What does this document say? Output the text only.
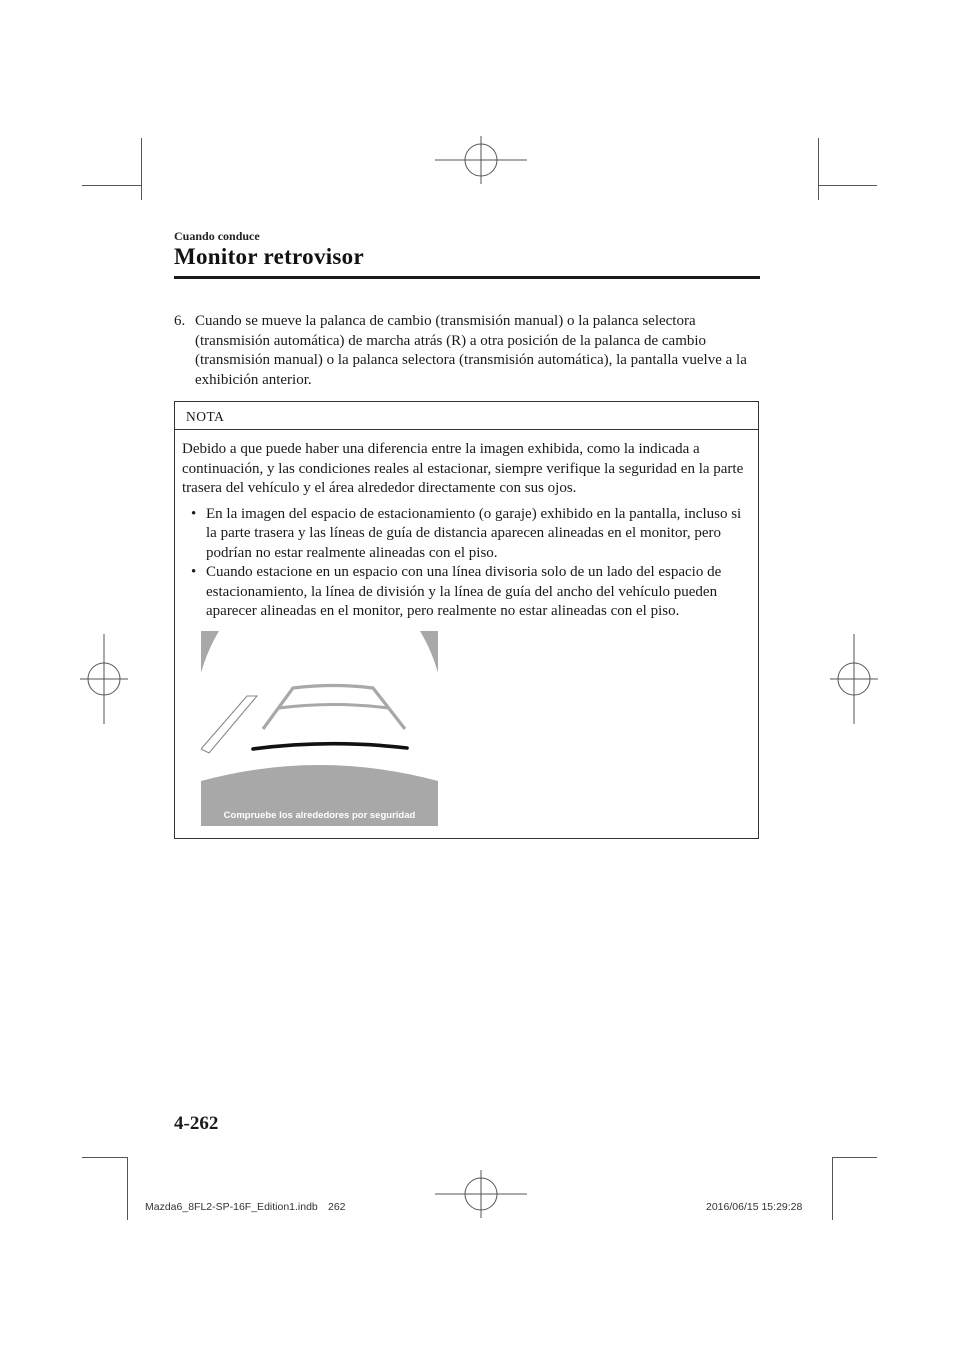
Cuando conduce
Monitor retrovisor
6. Cuando se mueve la palanca de cambio (transmisión manual) o la palanca selectora (transmisión automática) de marcha atrás (R) a otra posición de la palanca de cambio (transmisión manual) o la palanca selectora (transmisión automática), la pantalla vuelve a la exhibición anterior.
NOTA
Debido a que puede haber una diferencia entre la imagen exhibida, como la indicada a continuación, y las condiciones reales al estacionar, siempre verifique la seguridad en la parte trasera del vehículo y el área alrededor directamente con sus ojos.
• En la imagen del espacio de estacionamiento (o garaje) exhibido en la pantalla, incluso si la parte trasera y las líneas de guía de distancia aparecen alineadas en el monitor, pero podrían no estar realmente alineadas con el piso.
• Cuando estacione en un espacio con una línea divisoria solo de un lado del espacio de estacionamiento, la línea de división y la línea de guía del ancho del vehículo pueden aparecer alineadas en el monitor, pero realmente no estar alineadas con el piso.
Compruebe los alrededores por seguridad
4-262
Mazda6_8FL2-SP-16F_Edition1.indb 262	2016/06/15 15:29:28
